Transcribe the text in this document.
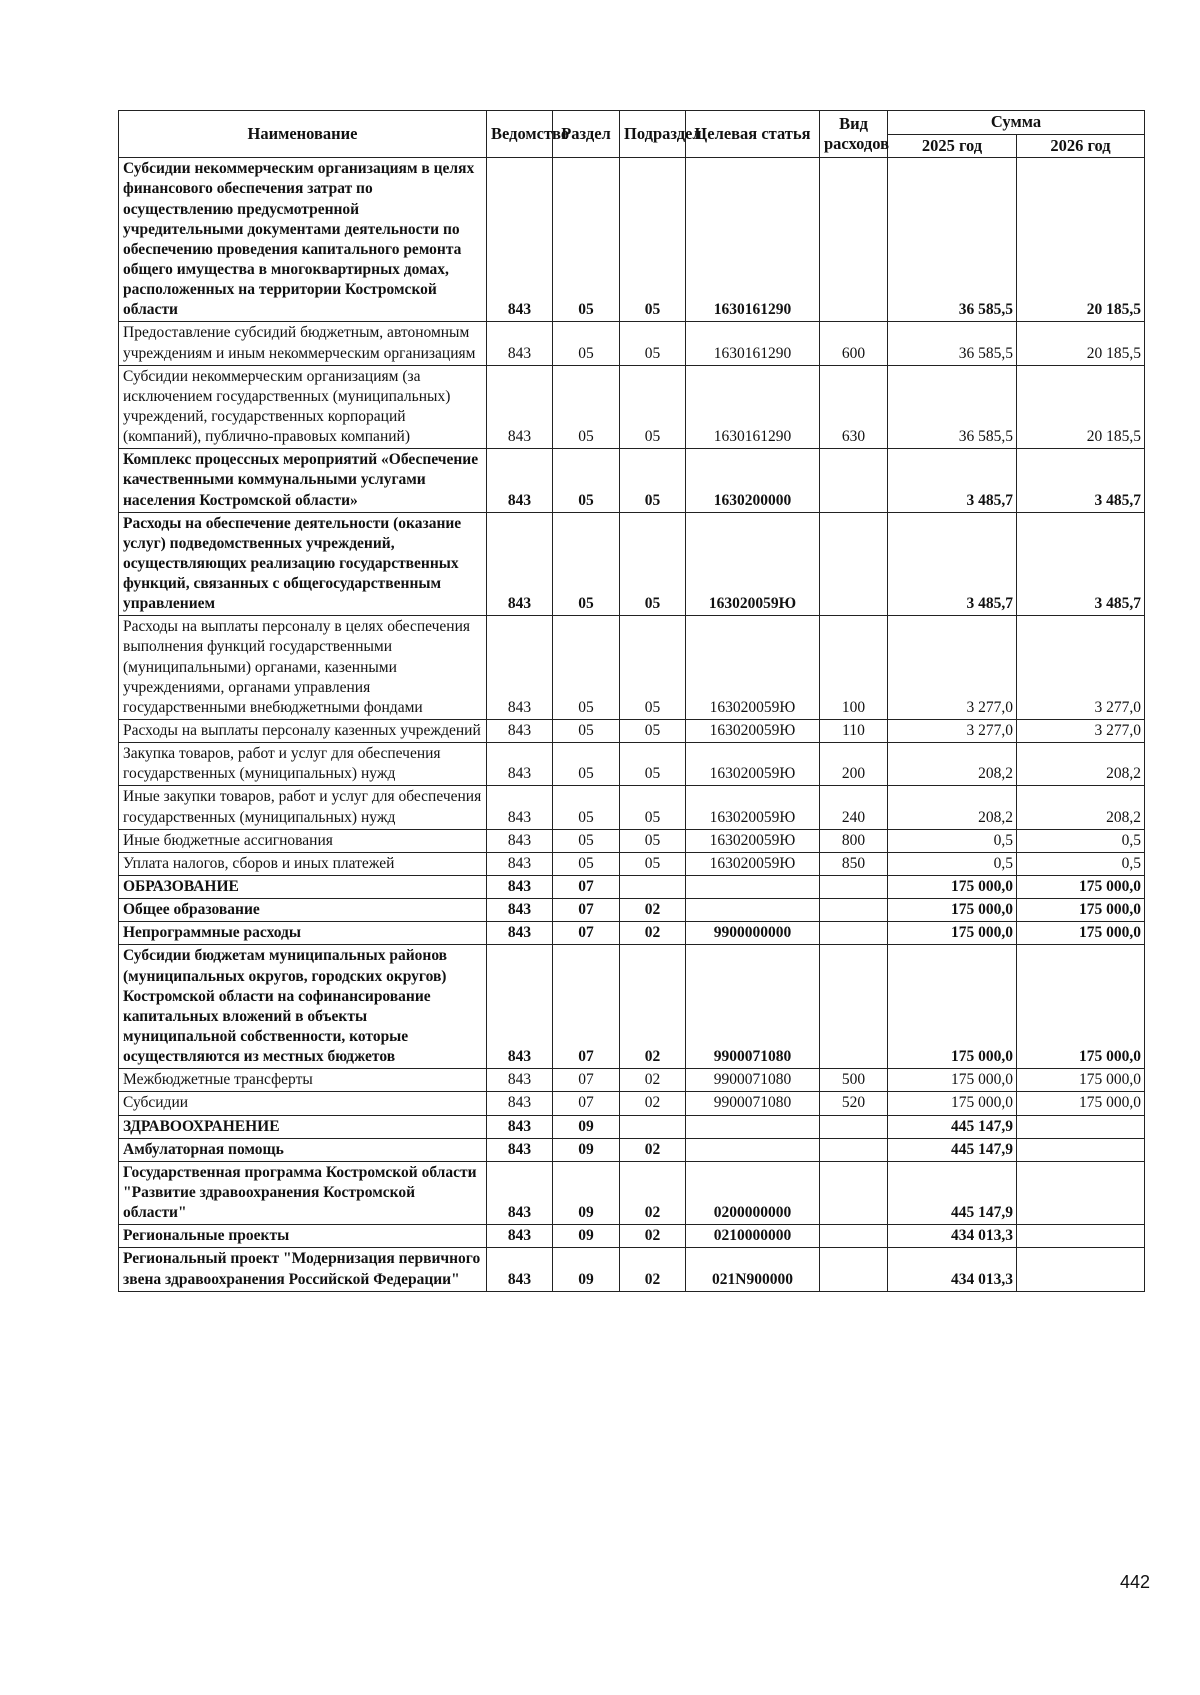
Наименование	Ведомство	Раздел	Подраздел	Целевая статья	Вид расходов	Сумма	
						2025 год	2026 год
Субсидии некоммерческим организациям в целях финансового обеспечения затрат по осуществлению предусмотренной учредительными документами деятельности по обеспечению проведения капитального ремонта общего имущества в многоквартирных домах, расположенных на территории Костромской области	843	05	05	1630161290		36 585,5	20 185,5
Предоставление субсидий бюджетным, автономным учреждениям и иным некоммерческим организациям	843	05	05	1630161290	600	36 585,5	20 185,5
Субсидии некоммерческим организациям (за исключением государственных (муниципальных) учреждений, государственных корпораций (компаний), публично-правовых компаний)	843	05	05	1630161290	630	36 585,5	20 185,5
Комплекс процессных мероприятий «Обеспечение качественными коммунальными услугами населения Костромской области»	843	05	05	1630200000		3 485,7	3 485,7
Расходы на обеспечение деятельности (оказание услуг) подведомственных учреждений, осуществляющих реализацию государственных функций, связанных с общегосударственным управлением	843	05	05	163020059Ю		3 485,7	3 485,7
Расходы на выплаты персоналу в целях обеспечения выполнения функций государственными (муниципальными) органами, казенными учреждениями, органами управления государственными внебюджетными фондами	843	05	05	163020059Ю	100	3 277,0	3 277,0
Расходы на выплаты персоналу казенных учреждений	843	05	05	163020059Ю	110	3 277,0	3 277,0
Закупка товаров, работ и услуг для обеспечения государственных (муниципальных) нужд	843	05	05	163020059Ю	200	208,2	208,2
Иные закупки товаров, работ и услуг для обеспечения государственных (муниципальных) нужд	843	05	05	163020059Ю	240	208,2	208,2
Иные бюджетные ассигнования	843	05	05	163020059Ю	800	0,5	0,5
Уплата налогов, сборов и иных платежей	843	05	05	163020059Ю	850	0,5	0,5
ОБРАЗОВАНИЕ	843	07				175 000,0	175 000,0
Общее образование	843	07	02			175 000,0	175 000,0
Непрограммные расходы	843	07	02	9900000000		175 000,0	175 000,0
Субсидии бюджетам муниципальных районов (муниципальных округов, городских округов) Костромской области на софинансирование капитальных вложений в объекты муниципальной собственности, которые осуществляются из местных бюджетов	843	07	02	9900071080		175 000,0	175 000,0
Межбюджетные трансферты	843	07	02	9900071080	500	175 000,0	175 000,0
Субсидии	843	07	02	9900071080	520	175 000,0	175 000,0
ЗДРАВООХРАНЕНИЕ	843	09				445 147,9	
Амбулаторная помощь	843	09	02			445 147,9	
Государственная программа Костромской области "Развитие здравоохранения Костромской области"	843	09	02	0200000000		445 147,9	
Региональные проекты	843	09	02	0210000000		434 013,3	
Региональный проект "Модернизация первичного звена здравоохранения Российской Федерации"	843	09	02	021N900000		434 013,3	
442
